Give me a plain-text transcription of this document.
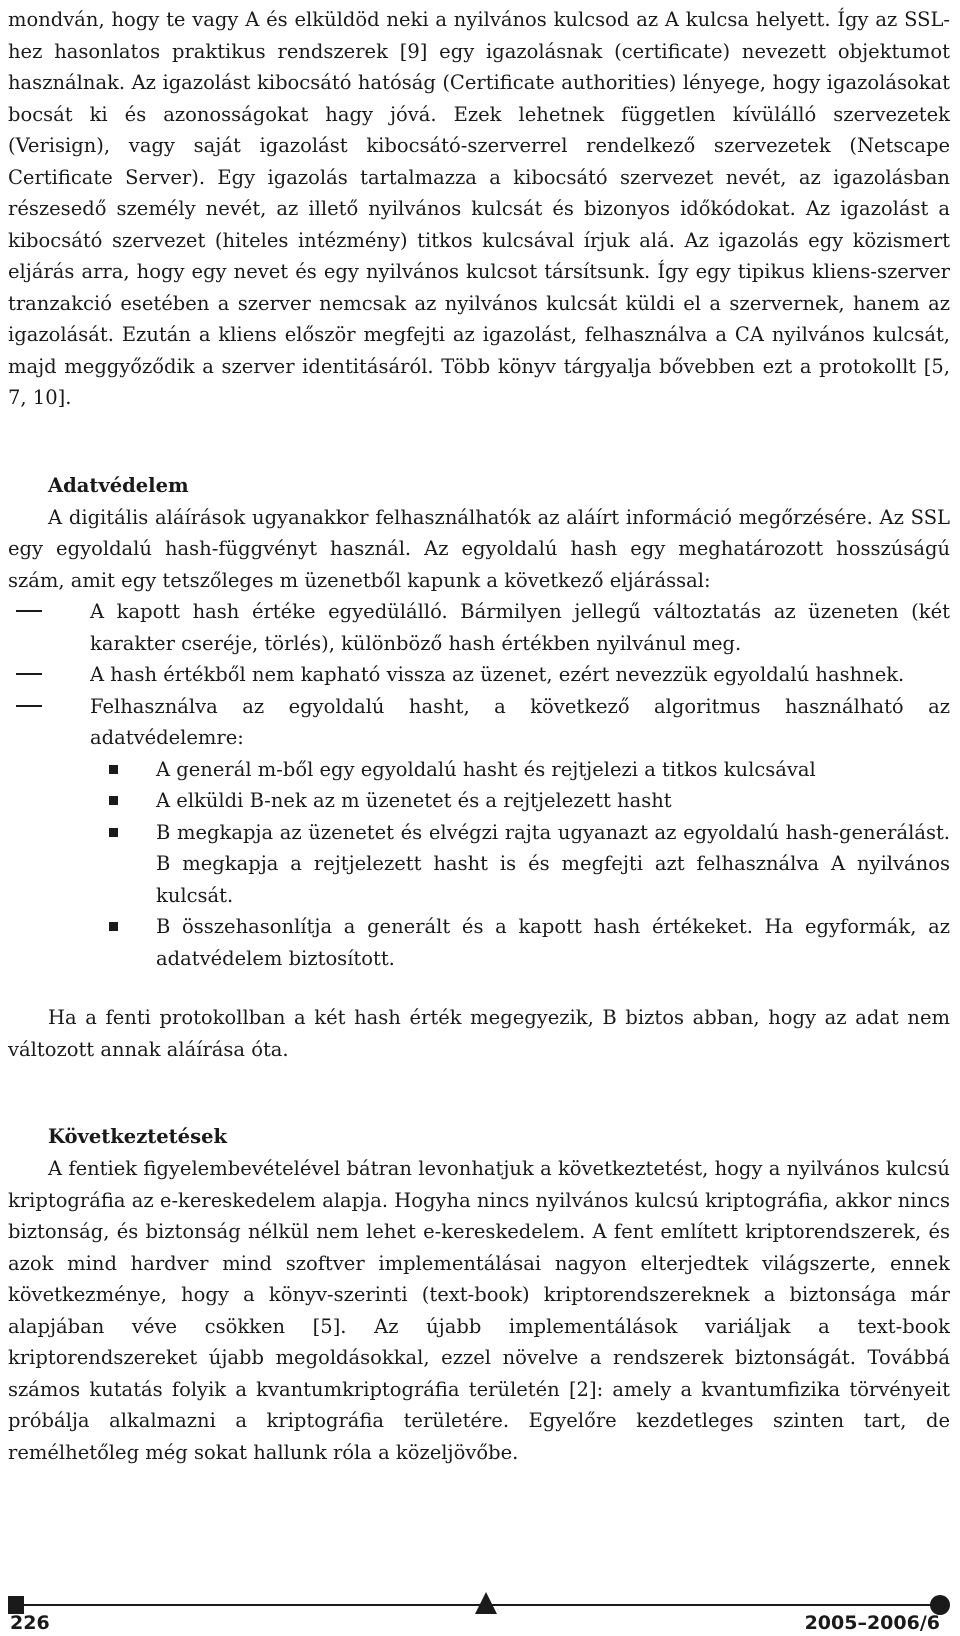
mondván, hogy te vagy A és elküldöd neki a nyilvános kulcsod az A kulcsa helyett. Így az SSL-hez hasonlatos praktikus rendszerek [9] egy igazolásnak (certificate) nevezett objektumot használnak. Az igazolást kibocsátó hatóság (Certificate authorities) lényege, hogy igazolásokat bocsát ki és azonosságokat hagy jóvá. Ezek lehetnek független kívülálló szervezetek (Verisign), vagy saját igazolást kibocsátó-szerverrel rendelkező szervezetek (Netscape Certificate Server). Egy igazolás tartalmazza a kibocsátó szervezet nevét, az igazolásban részesedő személy nevét, az illető nyilvános kulcsát és bizonyos időkódokat. Az igazolást a kibocsátó szervezet (hiteles intézmény) titkos kulcsával írjuk alá. Az igazolás egy közismert eljárás arra, hogy egy nevet és egy nyilvános kulcsot társítsunk. Így egy tipikus kliens-szerver tranzakció esetében a szerver nemcsak az nyilvános kulcsát küldi el a szervernek, hanem az igazolását. Ezután a kliens először megfejti az igazolást, felhasználva a CA nyilvános kulcsát, majd meggyőződik a szerver identitásáról. Több könyv tárgyalja bővebben ezt a protokollt [5, 7, 10].

Adatvédelem

A digitális aláírások ugyanakkor felhasználhatók az aláírt információ megőrzésére. Az SSL egy egyoldalú hash-függvényt használ. Az egyoldalú hash egy meghatározott hosszúságú szám, amit egy tetszőleges m üzenetből kapunk a következő eljárással:

A kapott hash értéke egyedülálló. Bármilyen jellegű változtatás az üzeneten (két karakter cseréje, törlés), különböző hash értékben nyilvánul meg.
A hash értékből nem kapható vissza az üzenet, ezért nevezzük egyoldalú hashnek.
Felhasználva az egyoldalú hasht, a következő algoritmus használható az adatvédelemre:
A generál m-ből egy egyoldalú hasht és rejtjelezi a titkos kulcsával
A elküldi B-nek az m üzenetet és a rejtjelezett hasht
B megkapja az üzenetet és elvégzi rajta ugyanazt az egyoldalú hash-generálást. B megkapja a rejtjelezett hasht is és megfejti azt felhasználva A nyilvános kulcsát.
B összehasonlítja a generált és a kapott hash értékeket. Ha egyformák, az adatvédelem biztosított.

Ha a fenti protokollban a két hash érték megegyezik, B biztos abban, hogy az adat nem változott annak aláírása óta.

Következtetések

A fentiek figyelembevételével bátran levonhatjuk a következtetést, hogy a nyilvános kulcsú kriptográfia az e-kereskedelem alapja. Hogyha nincs nyilvános kulcsú kriptográfia, akkor nincs biztonság, és biztonság nélkül nem lehet e-kereskedelem. A fent említett kriptorendszerek, és azok mind hardver mind szoftver implementálásai nagyon elterjedtek világszerte, ennek következménye, hogy a könyv-szerinti (text-book) kriptorendszereknek a biztonsága már alapjában véve csökken [5]. Az újabb implementálások variáljak a text-book kriptorendszereket újabb megoldásokkal, ezzel növelve a rendszerek biztonságát. Továbbá számos kutatás folyik a kvantumkriptográfia területén [2]: amely a kvantumfizika törvényeit próbálja alkalmazni a kriptográfia területére. Egyelőre kezdetleges szinten tart, de remélhetőleg még sokat hallunk róla a közeljövőbe.

226	2005–2006/6
